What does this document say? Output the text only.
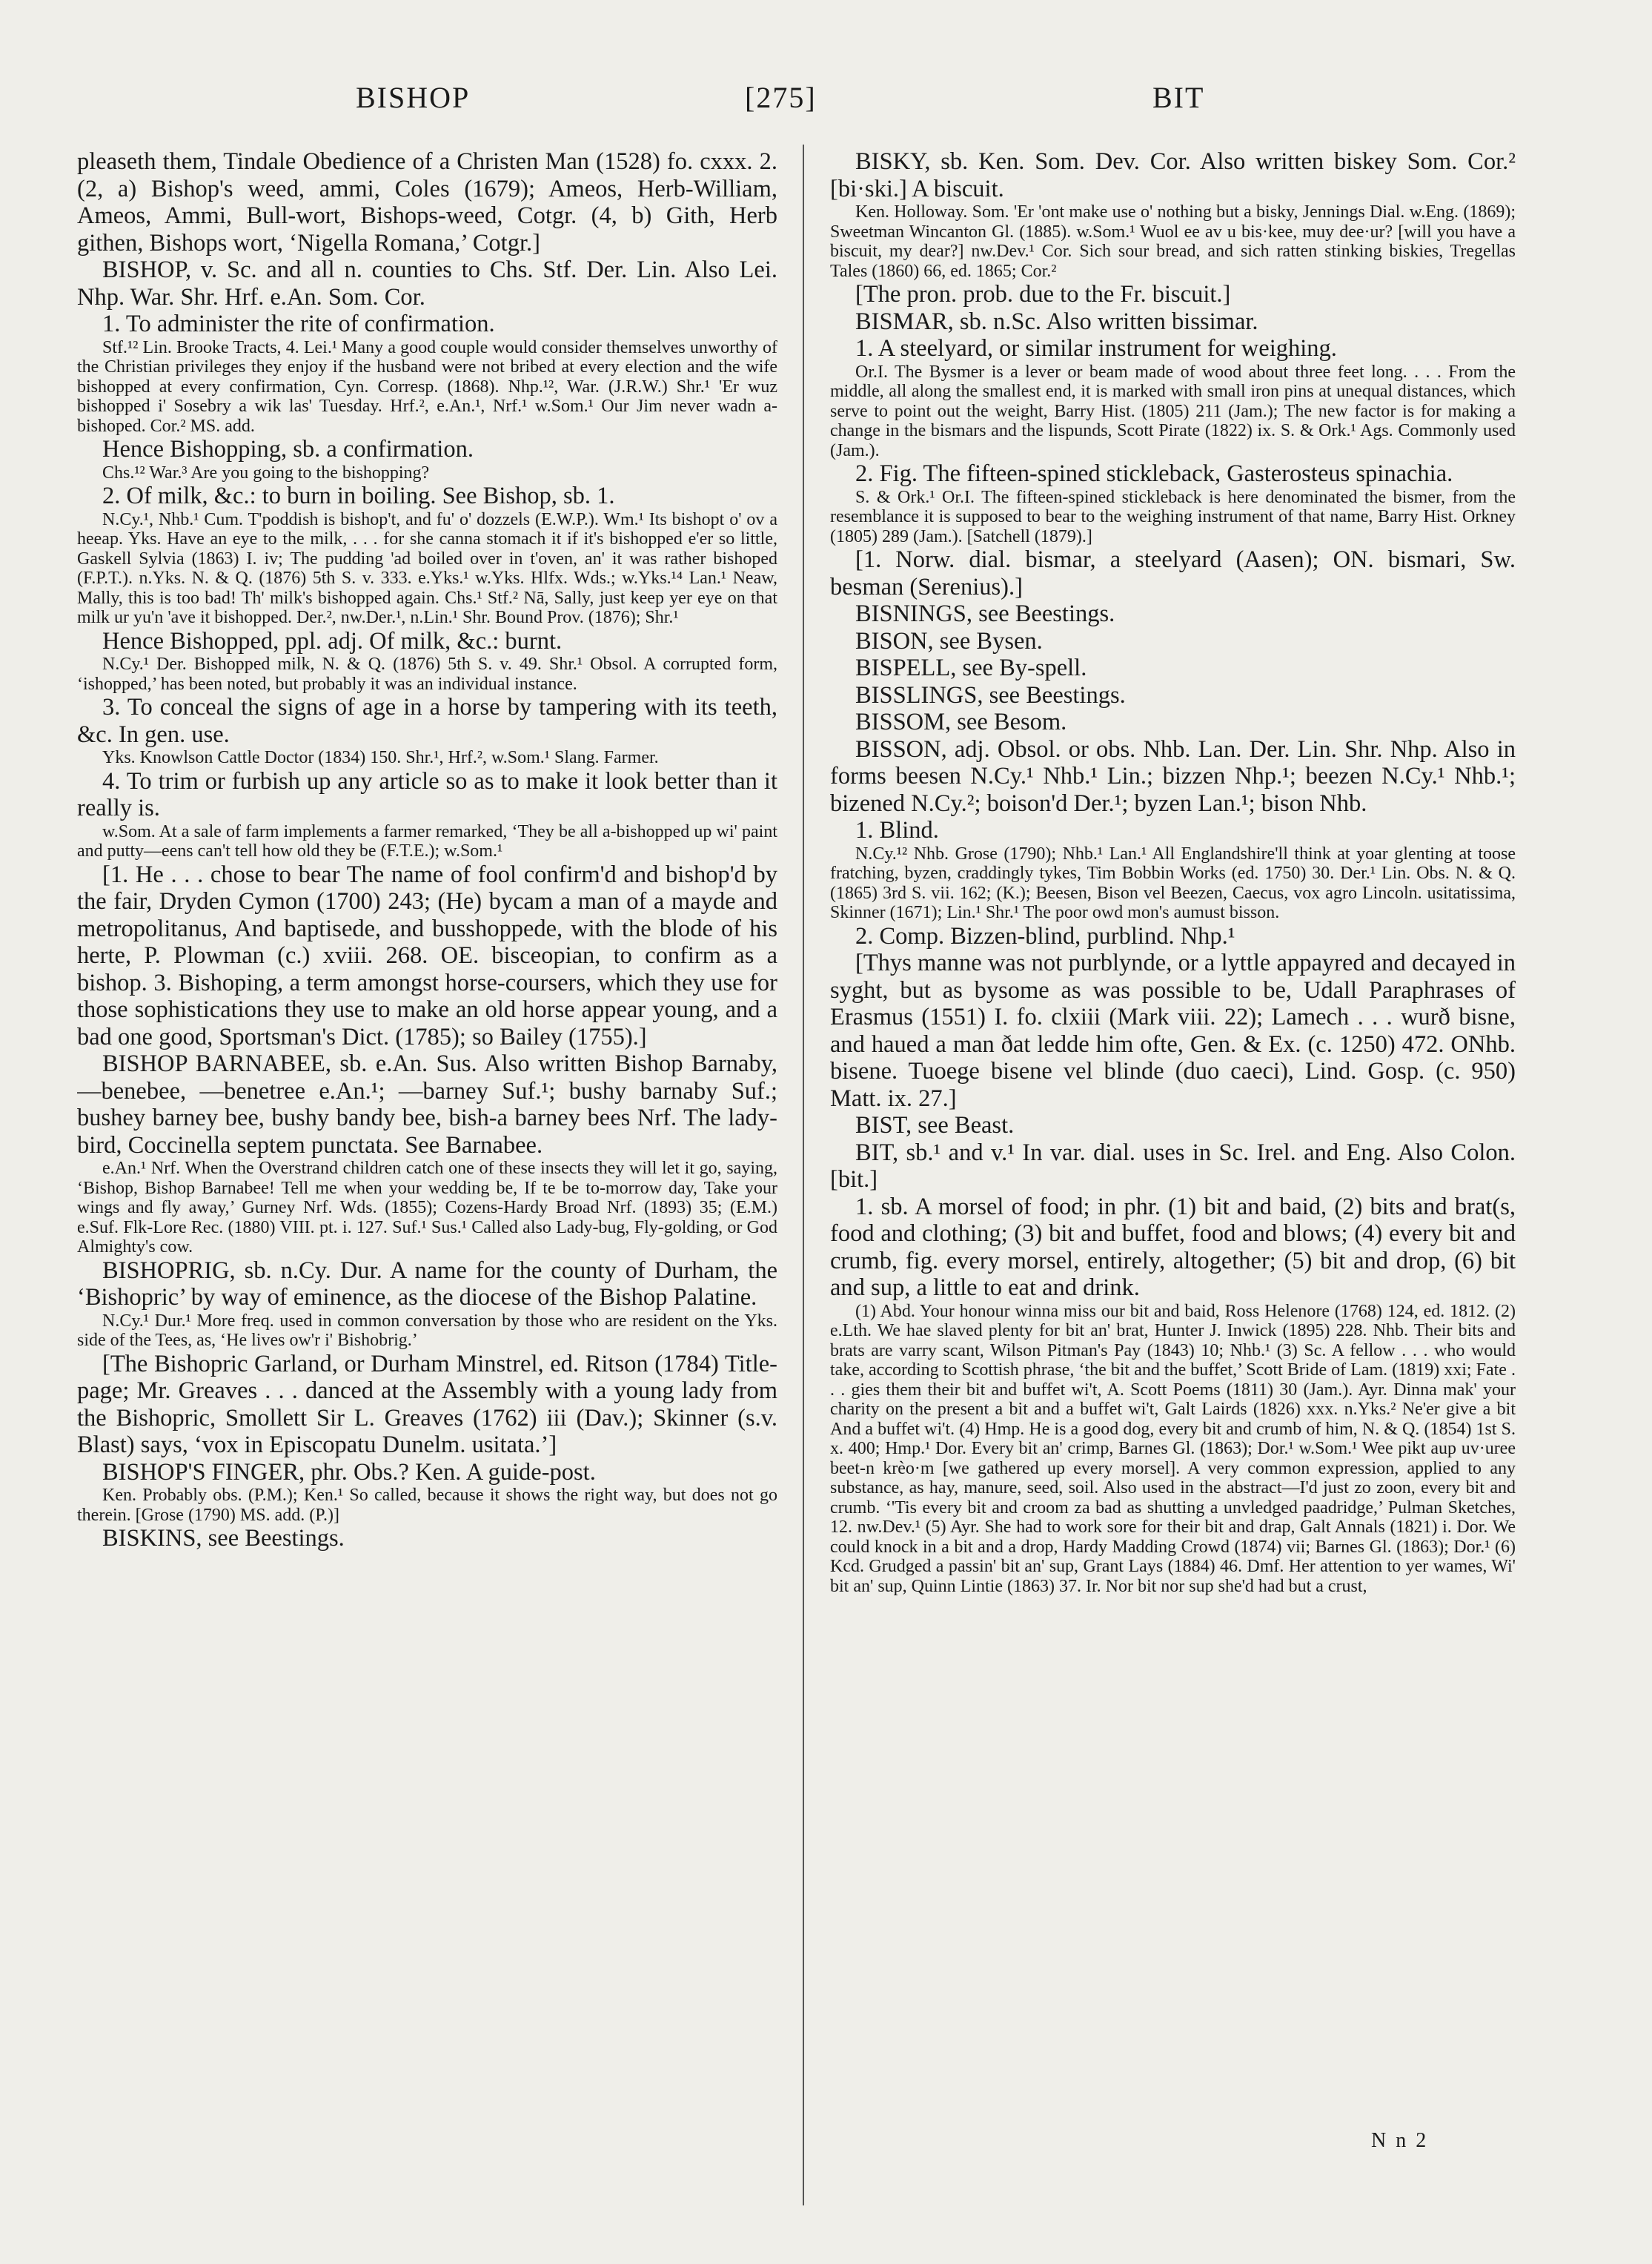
BISHOP	[275]	BIT

pleaseth them, Tindale Obedience of a Christen Man (1528) fo. cxxx. 2. (2, a) Bishop's weed, ammi, Coles (1679); Ameos, Herb-William, Ameos, Ammi, Bull-wort, Bishops-weed, Cotgr. (4, b) Gith, Herb githen, Bishops wort, ‘Nigella Romana,’ Cotgr.]

BISHOP, v. Sc. and all n. counties to Chs. Stf. Der. Lin. Also Lei. Nhp. War. Shr. Hrf. e.An. Som. Cor.

1. To administer the rite of confirmation.

Stf.¹² Lin. Brooke Tracts, 4. Lei.¹ Many a good couple would consider themselves unworthy of the Christian privileges they enjoy if the husband were not bribed at every election and the wife bishopped at every confirmation, Cyn. Corresp. (1868). Nhp.¹², War. (J.R.W.) Shr.¹ 'Er wuz bishopped i' Sosebry a wik las' Tuesday. Hrf.², e.An.¹, Nrf.¹ w.Som.¹ Our Jim never wadn a-bishoped. Cor.² MS. add.

Hence Bishopping, sb. a confirmation.

Chs.¹² War.³ Are you going to the bishopping?

2. Of milk, &c.: to burn in boiling. See Bishop, sb. 1.

N.Cy.¹, Nhb.¹ Cum. T'poddish is bishop't, and fu' o' dozzels (E.W.P.). Wm.¹ Its bishopt o' ov a heeap. Yks. Have an eye to the milk, . . . for she canna stomach it if it's bishopped e'er so little, Gaskell Sylvia (1863) I. iv; The pudding 'ad boiled over in t'oven, an' it was rather bishoped (F.P.T.). n.Yks. N. & Q. (1876) 5th S. v. 333. e.Yks.¹ w.Yks. Hlfx. Wds.; w.Yks.¹⁴ Lan.¹ Neaw, Mally, this is too bad! Th' milk's bishopped again. Chs.¹ Stf.² Nā, Sally, just keep yer eye on that milk ur yu'n 'ave it bishopped. Der.², nw.Der.¹, n.Lin.¹ Shr. Bound Prov. (1876); Shr.¹

Hence Bishopped, ppl. adj. Of milk, &c.: burnt.

N.Cy.¹ Der. Bishopped milk, N. & Q. (1876) 5th S. v. 49. Shr.¹ Obsol. A corrupted form, ‘ishopped,’ has been noted, but probably it was an individual instance.

3. To conceal the signs of age in a horse by tampering with its teeth, &c. In gen. use.

Yks. Knowlson Cattle Doctor (1834) 150. Shr.¹, Hrf.², w.Som.¹ Slang. Farmer.

4. To trim or furbish up any article so as to make it look better than it really is.

w.Som. At a sale of farm implements a farmer remarked, ‘They be all a-bishopped up wi' paint and putty—eens can't tell how old they be (F.T.E.); w.Som.¹

[1. He . . . chose to bear The name of fool confirm'd and bishop'd by the fair, Dryden Cymon (1700) 243; (He) bycam a man of a mayde and metropolitanus, And baptisede, and busshoppede, with the blode of his herte, P. Plowman (c.) xviii. 268. OE. bisceopian, to confirm as a bishop. 3. Bishoping, a term amongst horse-coursers, which they use for those sophistications they use to make an old horse appear young, and a bad one good, Sportsman's Dict. (1785); so Bailey (1755).]

BISHOP BARNABEE, sb. e.An. Sus. Also written Bishop Barnaby, —benebee, —benetree e.An.¹; —barney Suf.¹; bushy barnaby Suf.; bushey barney bee, bushy bandy bee, bish-a barney bees Nrf. The lady-bird, Coccinella septem punctata. See Barnabee.

e.An.¹ Nrf. When the Overstrand children catch one of these insects they will let it go, saying, ‘Bishop, Bishop Barnabee! Tell me when your wedding be, If te be to-morrow day, Take your wings and fly away,’ Gurney Nrf. Wds. (1855); Cozens-Hardy Broad Nrf. (1893) 35; (E.M.) e.Suf. Flk-Lore Rec. (1880) VIII. pt. i. 127. Suf.¹ Sus.¹ Called also Lady-bug, Fly-golding, or God Almighty's cow.

BISHOPRIG, sb. n.Cy. Dur. A name for the county of Durham, the ‘Bishopric’ by way of eminence, as the diocese of the Bishop Palatine.

N.Cy.¹ Dur.¹ More freq. used in common conversation by those who are resident on the Yks. side of the Tees, as, ‘He lives ow'r i' Bishobrig.’

[The Bishopric Garland, or Durham Minstrel, ed. Ritson (1784) Title-page; Mr. Greaves . . . danced at the Assembly with a young lady from the Bishopric, Smollett Sir L. Greaves (1762) iii (Dav.); Skinner (s.v. Blast) says, ‘vox in Episcopatu Dunelm. usitata.’]

BISHOP'S FINGER, phr. Obs.? Ken. A guide-post.

Ken. Probably obs. (P.M.); Ken.¹ So called, because it shows the right way, but does not go therein. [Grose (1790) MS. add. (P.)]

BISKINS, see Beestings.

BISKY, sb. Ken. Som. Dev. Cor. Also written biskey Som. Cor.² [bi·ski.] A biscuit.

Ken. Holloway. Som. 'Er 'ont make use o' nothing but a bisky, Jennings Dial. w.Eng. (1869); Sweetman Wincanton Gl. (1885). w.Som.¹ Wuol ee av u bis·kee, muy dee·ur? [will you have a biscuit, my dear?] nw.Dev.¹ Cor. Sich sour bread, and sich ratten stinking biskies, Tregellas Tales (1860) 66, ed. 1865; Cor.²

[The pron. prob. due to the Fr. biscuit.]

BISMAR, sb. n.Sc. Also written bissimar.

1. A steelyard, or similar instrument for weighing.

Or.I. The Bysmer is a lever or beam made of wood about three feet long. . . . From the middle, all along the smallest end, it is marked with small iron pins at unequal distances, which serve to point out the weight, Barry Hist. (1805) 211 (Jam.); The new factor is for making a change in the bismars and the lispunds, Scott Pirate (1822) ix. S. & Ork.¹ Ags. Commonly used (Jam.).

2. Fig. The fifteen-spined stickleback, Gasterosteus spinachia.

S. & Ork.¹ Or.I. The fifteen-spined stickleback is here denominated the bismer, from the resemblance it is supposed to bear to the weighing instrument of that name, Barry Hist. Orkney (1805) 289 (Jam.). [Satchell (1879).]

[1. Norw. dial. bismar, a steelyard (Aasen); ON. bismari, Sw. besman (Serenius).]

BISNINGS, see Beestings.

BISON, see Bysen.

BISPELL, see By-spell.

BISSLINGS, see Beestings.

BISSOM, see Besom.

BISSON, adj. Obsol. or obs. Nhb. Lan. Der. Lin. Shr. Nhp. Also in forms beesen N.Cy.¹ Nhb.¹ Lin.; bizzen Nhp.¹; beezen N.Cy.¹ Nhb.¹; bizened N.Cy.²; boison'd Der.¹; byzen Lan.¹; bison Nhb.

1. Blind.

N.Cy.¹² Nhb. Grose (1790); Nhb.¹ Lan.¹ All Englandshire'll think at yoar glenting at toose fratching, byzen, craddingly tykes, Tim Bobbin Works (ed. 1750) 30. Der.¹ Lin. Obs. N. & Q. (1865) 3rd S. vii. 162; (K.); Beesen, Bison vel Beezen, Caecus, vox agro Lincoln. usitatissima, Skinner (1671); Lin.¹ Shr.¹ The poor owd mon's aumust bisson.

2. Comp. Bizzen-blind, purblind. Nhp.¹

[Thys manne was not purblynde, or a lyttle appayred and decayed in syght, but as bysome as was possible to be, Udall Paraphrases of Erasmus (1551) I. fo. clxiii (Mark viii. 22); Lamech . . . wurð bisne, and haued a man ðat ledde him ofte, Gen. & Ex. (c. 1250) 472. ONhb. bisene. Tuoege bisene vel blinde (duo caeci), Lind. Gosp. (c. 950) Matt. ix. 27.]

BIST, see Beast.

BIT, sb.¹ and v.¹ In var. dial. uses in Sc. Irel. and Eng. Also Colon. [bit.]

1. sb. A morsel of food; in phr. (1) bit and baid, (2) bits and brat(s, food and clothing; (3) bit and buffet, food and blows; (4) every bit and crumb, fig. every morsel, entirely, altogether; (5) bit and drop, (6) bit and sup, a little to eat and drink.

(1) Abd. Your honour winna miss our bit and baid, Ross Helenore (1768) 124, ed. 1812. (2) e.Lth. We hae slaved plenty for bit an' brat, Hunter J. Inwick (1895) 228. Nhb. Their bits and brats are varry scant, Wilson Pitman's Pay (1843) 10; Nhb.¹ (3) Sc. A fellow . . . who would take, according to Scottish phrase, ‘the bit and the buffet,’ Scott Bride of Lam. (1819) xxi; Fate . . . gies them their bit and buffet wi't, A. Scott Poems (1811) 30 (Jam.). Ayr. Dinna mak' your charity on the present a bit and a buffet wi't, Galt Lairds (1826) xxx. n.Yks.² Ne'er give a bit And a buffet wi't. (4) Hmp. He is a good dog, every bit and crumb of him, N. & Q. (1854) 1st S. x. 400; Hmp.¹ Dor. Every bit an' crimp, Barnes Gl. (1863); Dor.¹ w.Som.¹ Wee pikt aup uv·uree beet-n krèo·m [we gathered up every morsel]. A very common expression, applied to any substance, as hay, manure, seed, soil. Also used in the abstract—I'd just zo zoon, every bit and crumb. ‘'Tis every bit and croom za bad as shutting a unvledged paadridge,’ Pulman Sketches, 12. nw.Dev.¹ (5) Ayr. She had to work sore for their bit and drap, Galt Annals (1821) i. Dor. We could knock in a bit and a drop, Hardy Madding Crowd (1874) vii; Barnes Gl. (1863); Dor.¹ (6) Kcd. Grudged a passin' bit an' sup, Grant Lays (1884) 46. Dmf. Her attention to yer wames, Wi' bit an' sup, Quinn Lintie (1863) 37. Ir. Nor bit nor sup she'd had but a crust,

N n 2
